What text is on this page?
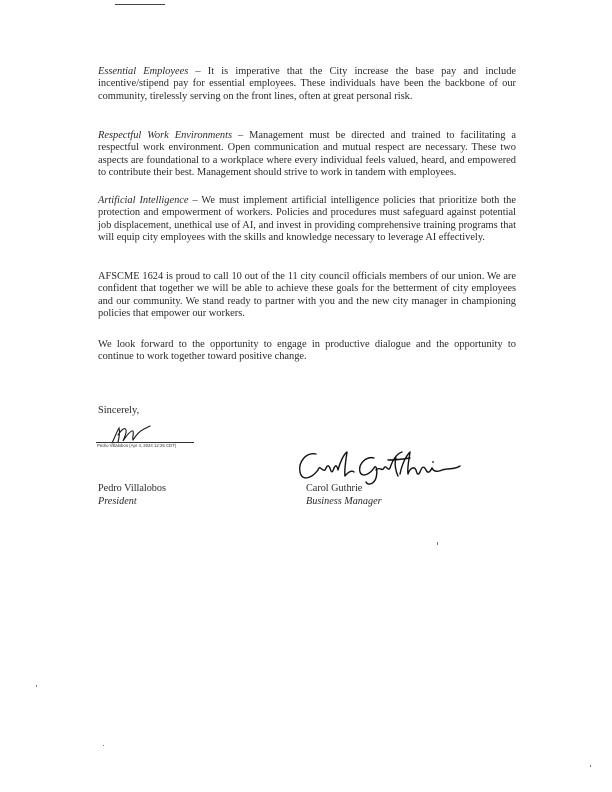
Essential Employees – It is imperative that the City increase the base pay and include incentive/stipend pay for essential employees. These individuals have been the backbone of our community, tirelessly serving on the front lines, often at great personal risk.

Respectful Work Environments – Management must be directed and trained to facilitating a respectful work environment. Open communication and mutual respect are necessary. These two aspects are foundational to a workplace where every individual feels valued, heard, and empowered to contribute their best. Management should strive to work in tandem with employees.

Artificial Intelligence – We must implement artificial intelligence policies that prioritize both the protection and empowerment of workers. Policies and procedures must safeguard against potential job displacement, unethical use of AI, and invest in providing comprehensive training programs that will equip city employees with the skills and knowledge necessary to leverage AI effectively.

AFSCME 1624 is proud to call 10 out of the 11 city council officials members of our union. We are confident that together we will be able to achieve these goals for the betterment of city employees and our community. We stand ready to partner with you and the new city manager in championing policies that empower our workers.

We look forward to the opportunity to engage in productive dialogue and the opportunity to continue to work together toward positive change.

Sincerely,

Pedro Villalobos (Apr 4, 2024 12:25 CDT)

Pedro Villalobos
President
Carol Guthrie
Business Manager
